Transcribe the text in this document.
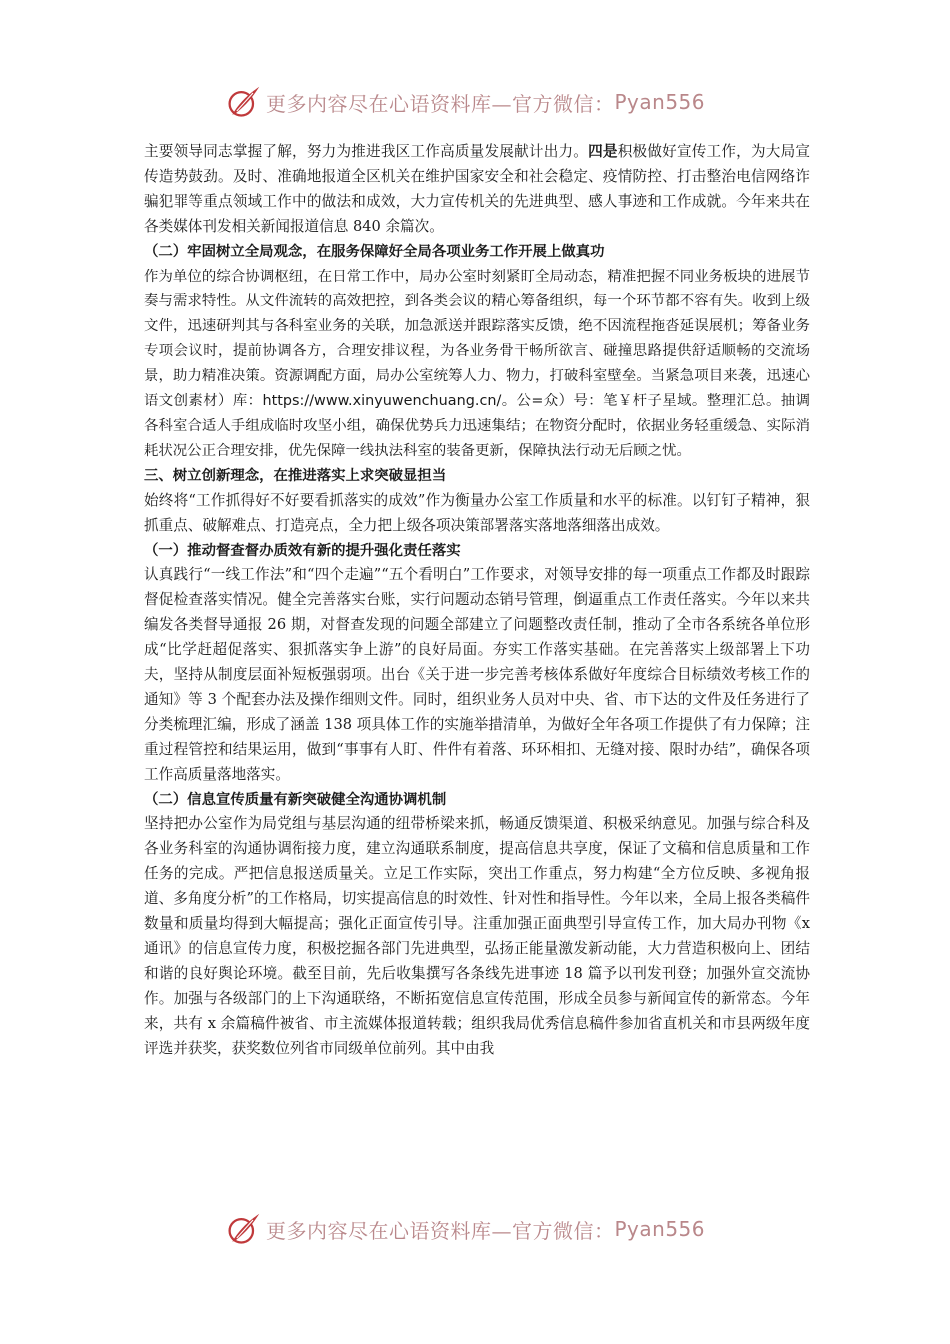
更多内容尽在心语资料库—官方微信： Pyan556

主要领导同志掌握了解，努力为推进我区工作高质量发展献计出力。四是积极做好宣传工作，为大局宣传造势鼓劲。及时、准确地报道全区机关在维护国家安全和社会稳定、疫情防控、打击整治电信网络诈骗犯罪等重点领域工作中的做法和成效，大力宣传机关的先进典型、感人事迹和工作成就。今年来共在各类媒体刊发相关新闻报道信息 840 余篇次。

（二）牢固树立全局观念，在服务保障好全局各项业务工作开展上做真功

作为单位的综合协调枢纽，在日常工作中，局办公室时刻紧盯全局动态，精准把握不同业务板块的进展节奏与需求特性。从文件流转的高效把控，到各类会议的精心筹备组织，每一个环节都不容有失。收到上级文件，迅速研判其与各科室业务的关联，加急派送并跟踪落实反馈，绝不因流程拖沓延误展机；筹备业务专项会议时，提前协调各方，合理安排议程，为各业务骨干畅所欲言、碰撞思路提供舒适顺畅的交流场景，助力精准决策。资源调配方面，局办公室统筹人力、物力，打破科室壁垒。当紧急项目来袭，迅速心语文创素材）库：https://www.xinyuwenchuang.cn/。公=众）号：笔￥杆子星域。整理汇总。抽调各科室合适人手组成临时攻坚小组，确保优势兵力迅速集结；在物资分配时，依据业务轻重缓急、实际消耗状况公正合理安排，优先保障一线执法科室的装备更新，保障执法行动无后顾之忧。

三、树立创新理念，在推进落实上求突破显担当

始终将“工作抓得好不好要看抓落实的成效”作为衡量办公室工作质量和水平的标准。以钉钉子精神，狠抓重点、破解难点、打造亮点，全力把上级各项决策部署落实落地落细落出成效。

（一）推动督查督办质效有新的提升强化责任落实

认真践行“一线工作法”和“四个走遍”“五个看明白”工作要求，对领导安排的每一项重点工作都及时跟踪督促检查落实情况。健全完善落实台账，实行问题动态销号管理，倒逼重点工作责任落实。今年以来共编发各类督导通报 26 期，对督查发现的问题全部建立了问题整改责任制，推动了全市各系统各单位形成“比学赶超促落实、狠抓落实争上游”的良好局面。夯实工作落实基础。在完善落实上级部署上下功夫，坚持从制度层面补短板强弱项。出台《关于进一步完善考核体系做好年度综合目标绩效考核工作的通知》等 3 个配套办法及操作细则文件。同时，组织业务人员对中央、省、市下达的文件及任务进行了分类梳理汇编，形成了涵盖 138 项具体工作的实施举措清单，为做好全年各项工作提供了有力保障；注重过程管控和结果运用，做到“事事有人盯、件件有着落、环环相扣、无缝对接、限时办结”，确保各项工作高质量落地落实。

（二）信息宣传质量有新突破健全沟通协调机制

坚持把办公室作为局党组与基层沟通的纽带桥梁来抓，畅通反馈渠道、积极采纳意见。加强与综合科及各业务科室的沟通协调衔接力度，建立沟通联系制度，提高信息共享度，保证了文稿和信息质量和工作任务的完成。严把信息报送质量关。立足工作实际，突出工作重点，努力构建“全方位反映、多视角报道、多角度分析”的工作格局，切实提高信息的时效性、针对性和指导性。今年以来，全局上报各类稿件数量和质量均得到大幅提高；强化正面宣传引导。注重加强正面典型引导宣传工作，加大局办刊物《x 通讯》的信息宣传力度，积极挖掘各部门先进典型，弘扬正能量激发新动能，大力营造积极向上、团结和谐的良好舆论环境。截至目前，先后收集撰写各条线先进事迹 18 篇予以刊发刊登；加强外宣交流协作。加强与各级部门的上下沟通联络，不断拓宽信息宣传范围，形成全员参与新闻宣传的新常态。今年来，共有 x 余篇稿件被省、市主流媒体报道转载；组织我局优秀信息稿件参加省直机关和市县两级年度评选并获奖，获奖数位列省市同级单位前列。其中由我

更多内容尽在心语资料库—官方微信： Pyan556
